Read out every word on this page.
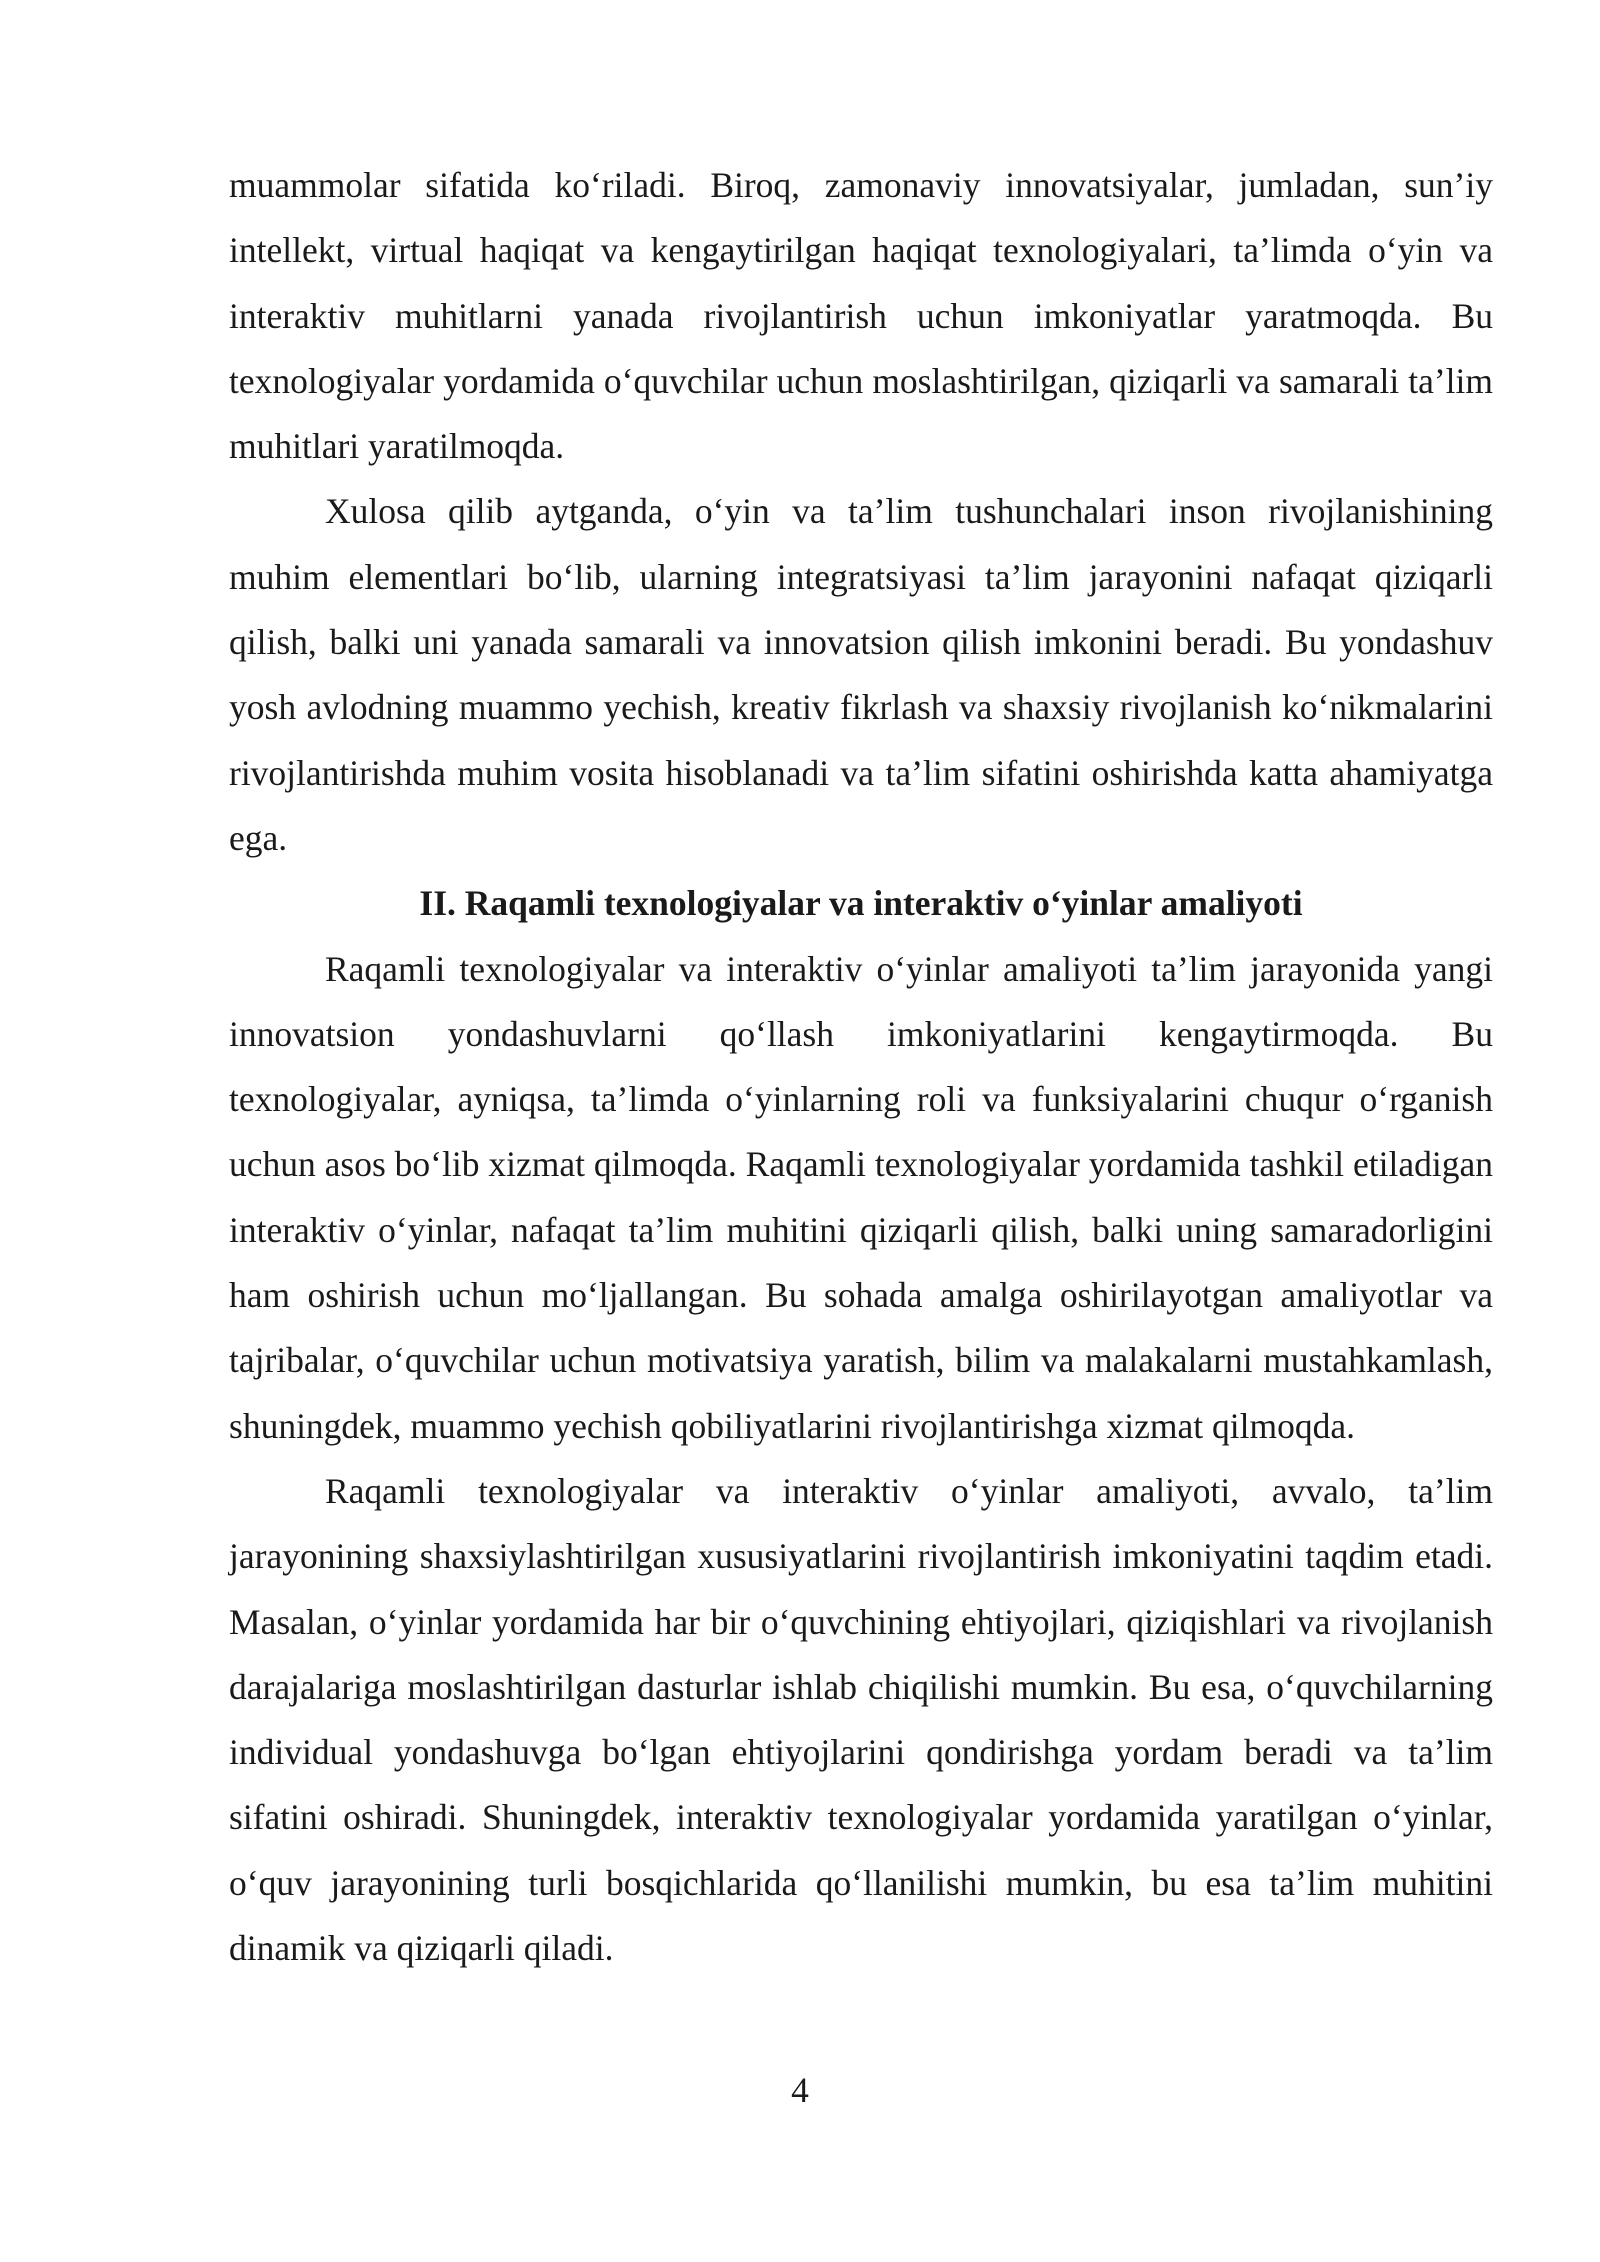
muammolar sifatida ko‘riladi. Biroq, zamonaviy innovatsiyalar, jumladan, sun’iy intellekt, virtual haqiqat va kengaytirilgan haqiqat texnologiyalari, ta’limda o‘yin va interaktiv muhitlarni yanada rivojlantirish uchun imkoniyatlar yaratmoqda. Bu texnologiyalar yordamida o‘quvchilar uchun moslashtirilgan, qiziqarli va samarali ta’lim muhitlari yaratilmoqda.

Xulosa qilib aytganda, o‘yin va ta’lim tushunchalari inson rivojlanishining muhim elementlari bo‘lib, ularning integratsiyasi ta’lim jarayonini nafaqat qiziqarli qilish, balki uni yanada samarali va innovatsion qilish imkonini beradi. Bu yondashuv yosh avlodning muammo yechish, kreativ fikrlash va shaxsiy rivojlanish ko‘nikmalarini rivojlantirishda muhim vosita hisoblanadi va ta’lim sifatini oshirishda katta ahamiyatga ega.

II. Raqamli texnologiyalar va interaktiv o‘yinlar amaliyoti

Raqamli texnologiyalar va interaktiv o‘yinlar amaliyoti ta’lim jarayonida yangi innovatsion yondashuvlarni qo‘llash imkoniyatlarini kengaytirmoqda. Bu texnologiyalar, ayniqsa, ta’limda o‘yinlarning roli va funksiyalarini chuqur o‘rganish uchun asos bo‘lib xizmat qilmoqda. Raqamli texnologiyalar yordamida tashkil etiladigan interaktiv o‘yinlar, nafaqat ta’lim muhitini qiziqarli qilish, balki uning samaradorligini ham oshirish uchun mo‘ljallangan. Bu sohada amalga oshirilayotgan amaliyotlar va tajribalar, o‘quvchilar uchun motivatsiya yaratish, bilim va malakalarni mustahkamlash, shuningdek, muammo yechish qobiliyatlarini rivojlantirishga xizmat qilmoqda.

Raqamli texnologiyalar va interaktiv o‘yinlar amaliyoti, avvalo, ta’lim jarayonining shaxsiylashtirilgan xususiyatlarini rivojlantirish imkoniyatini taqdim etadi. Masalan, o‘yinlar yordamida har bir o‘quvchining ehtiyojlari, qiziqishlari va rivojlanish darajalariga moslashtirilgan dasturlar ishlab chiqilishi mumkin. Bu esa, o‘quvchilarning individual yondashuvga bo‘lgan ehtiyojlarini qondirishga yordam beradi va ta’lim sifatini oshiradi. Shuningdek, interaktiv texnologiyalar yordamida yaratilgan o‘yinlar, o‘quv jarayonining turli bosqichlarida qo‘llanilishi mumkin, bu esa ta’lim muhitini dinamik va qiziqarli qiladi.

4
